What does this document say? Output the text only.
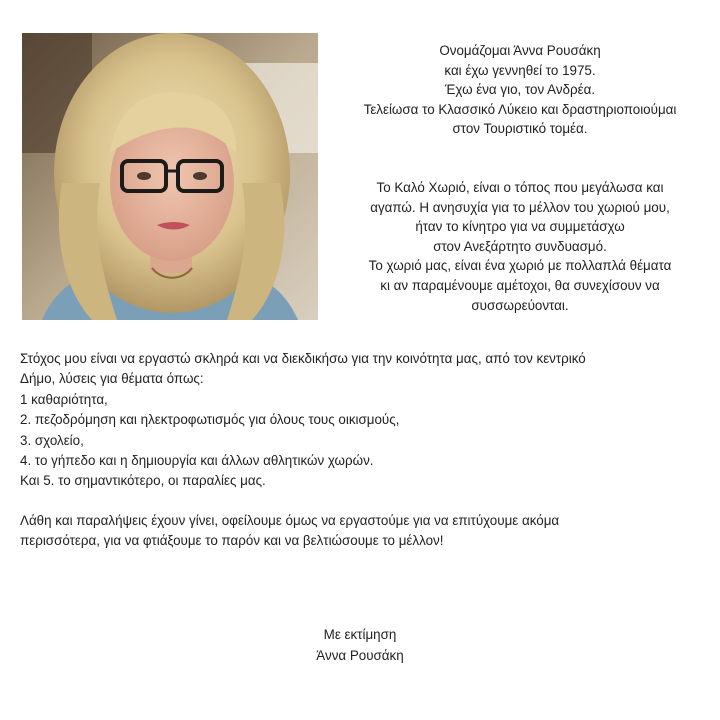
Ονομάζομαι Άννα Ρουσάκη
και έχω γεννηθεί το 1975.
Έχω ένα γιο, τον Ανδρέα.
Τελείωσα το Κλασσικό Λύκειο και δραστηριοποιούμαι
στον Τουριστικό τομέα.

Το Καλό Χωριό, είναι ο τόπος που μεγάλωσα και
αγαπώ. Η ανησυχία για το μέλλον του χωριού μου,
ήταν το κίνητρο για να συμμετάσχω
στον Ανεξάρτητο συνδυασμό.
Το χωριό μας, είναι ένα χωριό με πολλαπλά θέματα
κι αν παραμένουμε αμέτοχοι, θα συνεχίσουν να
συσσωρεύονται.

Στόχος μου είναι να εργαστώ σκληρά και να διεκδικήσω για την κοινότητα μας, από τον κεντρικό
Δήμο, λύσεις για θέματα όπως:
1 καθαριότητα,
2. πεζοδρόμηση και ηλεκτροφωτισμός για όλους τους οικισμούς,
3. σχολείο,
4. το γήπεδο και η δημιουργία και άλλων αθλητικών χωρών.
Και 5. το σημαντικότερο, οι παραλίες μας.
Λάθη και παραλήψεις έχουν γίνει, οφείλουμε όμως να εργαστούμε για να επιτύχουμε ακόμα
περισσότερα, για να φτιάξουμε το παρόν και να βελτιώσουμε το μέλλον!
Με εκτίμηση
Άννα Ρουσάκη
